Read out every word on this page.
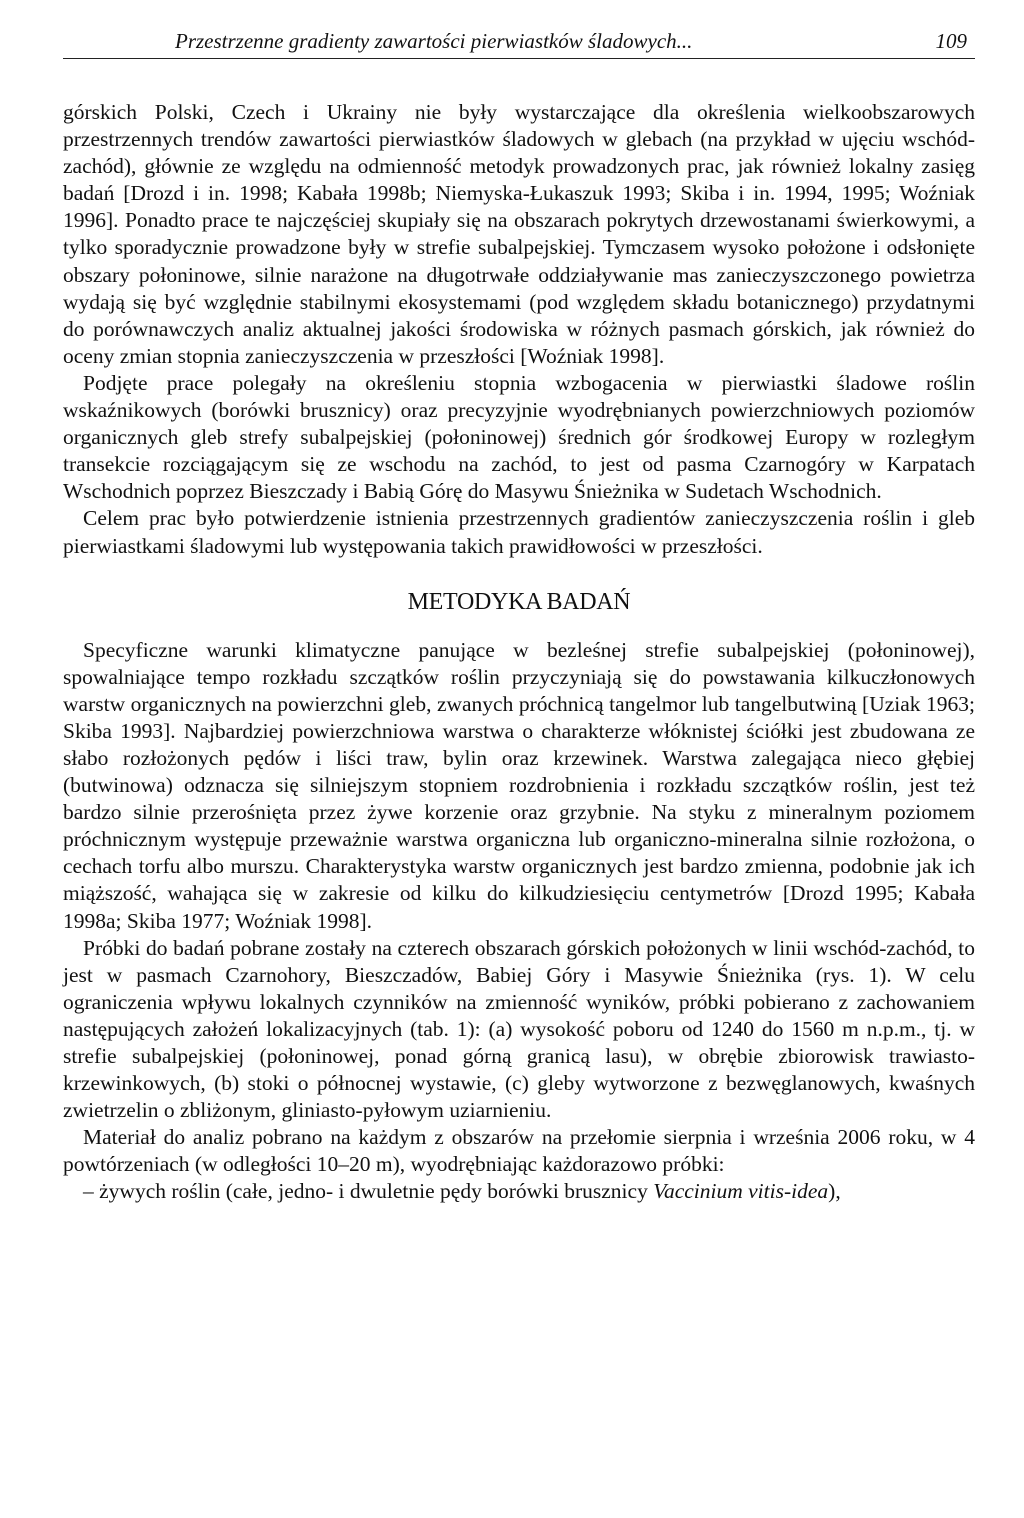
Przestrzenne gradienty zawartości pierwiastków śladowych...	109

górskich Polski, Czech i Ukrainy nie były wystarczające dla określenia wielkoobszarowych przestrzennych trendów zawartości pierwiastków śladowych w glebach (na przykład w ujęciu wschód-zachód), głównie ze względu na odmienność metodyk prowadzonych prac, jak również lokalny zasięg badań [Drozd i in. 1998; Kabała 1998b; Niemyska-Łukaszuk 1993; Skiba i in. 1994, 1995; Woźniak 1996]. Ponadto prace te najczęściej skupiały się na obszarach pokrytych drzewostanami świerkowymi, a tylko sporadycznie prowadzone były w strefie subalpejskiej. Tymczasem wysoko położone i odsłonięte obszary połoninowe, silnie narażone na długotrwałe oddziaływanie mas zanieczyszczonego powietrza wydają się być względnie stabilnymi ekosystemami (pod względem składu botanicznego) przydatnymi do porównawczych analiz aktualnej jakości środowiska w różnych pasmach górskich, jak również do oceny zmian stopnia zanieczyszczenia w przeszłości [Woźniak 1998].

Podjęte prace polegały na określeniu stopnia wzbogacenia w pierwiastki śladowe roślin wskaźnikowych (borówki brusznicy) oraz precyzyjnie wyodrębnianych powierzchniowych poziomów organicznych gleb strefy subalpejskiej (połoninowej) średnich gór środkowej Europy w rozległym transekcie rozciągającym się ze wschodu na zachód, to jest od pasma Czarnogóry w Karpatach Wschodnich poprzez Bieszczady i Babią Górę do Masywu Śnieżnika w Sudetach Wschodnich.

Celem prac było potwierdzenie istnienia przestrzennych gradientów zanieczyszczenia roślin i gleb pierwiastkami śladowymi lub występowania takich prawidłowości w przeszłości.

METODYKA BADAŃ

Specyficzne warunki klimatyczne panujące w bezleśnej strefie subalpejskiej (połoninowej), spowalniające tempo rozkładu szczątków roślin przyczyniają się do powstawania kilkuczłonowych warstw organicznych na powierzchni gleb, zwanych próchnicą tangelmor lub tangelbutwiną [Uziak 1963; Skiba 1993]. Najbardziej powierzchniowa warstwa o charakterze włóknistej ściółki jest zbudowana ze słabo rozłożonych pędów i liści traw, bylin oraz krzewinek. Warstwa zalegająca nieco głębiej (butwinowa) odznacza się silniejszym stopniem rozdrobnienia i rozkładu szczątków roślin, jest też bardzo silnie przerośnięta przez żywe korzenie oraz grzybnie. Na styku z mineralnym poziomem próchnicznym występuje przeważnie warstwa organiczna lub organiczno-mineralna silnie rozłożona, o cechach torfu albo murszu. Charakterystyka warstw organicznych jest bardzo zmienna, podobnie jak ich miąższość, wahająca się w zakresie od kilku do kilkudziesięciu centymetrów [Drozd 1995; Kabała 1998a; Skiba 1977; Woźniak 1998].

Próbki do badań pobrane zostały na czterech obszarach górskich położonych w linii wschód-zachód, to jest w pasmach Czarnohory, Bieszczadów, Babiej Góry i Masywie Śnieżnika (rys. 1). W celu ograniczenia wpływu lokalnych czynników na zmienność wyników, próbki pobierano z zachowaniem następujących założeń lokalizacyjnych (tab. 1): (a) wysokość poboru od 1240 do 1560 m n.p.m., tj. w strefie subalpejskiej (połoninowej, ponad górną granicą lasu), w obrębie zbiorowisk trawiasto-krzewinkowych, (b) stoki o północnej wystawie, (c) gleby wytworzone z bezwęglanowych, kwaśnych zwietrzelin o zbliżonym, gliniasto-pyłowym uziarnieniu.

Materiał do analiz pobrano na każdym z obszarów na przełomie sierpnia i września 2006 roku, w 4 powtórzeniach (w odległości 10–20 m), wyodrębniając każdorazowo próbki:

– żywych roślin (całe, jedno- i dwuletnie pędy borówki brusznicy Vaccinium vitis-idea),
